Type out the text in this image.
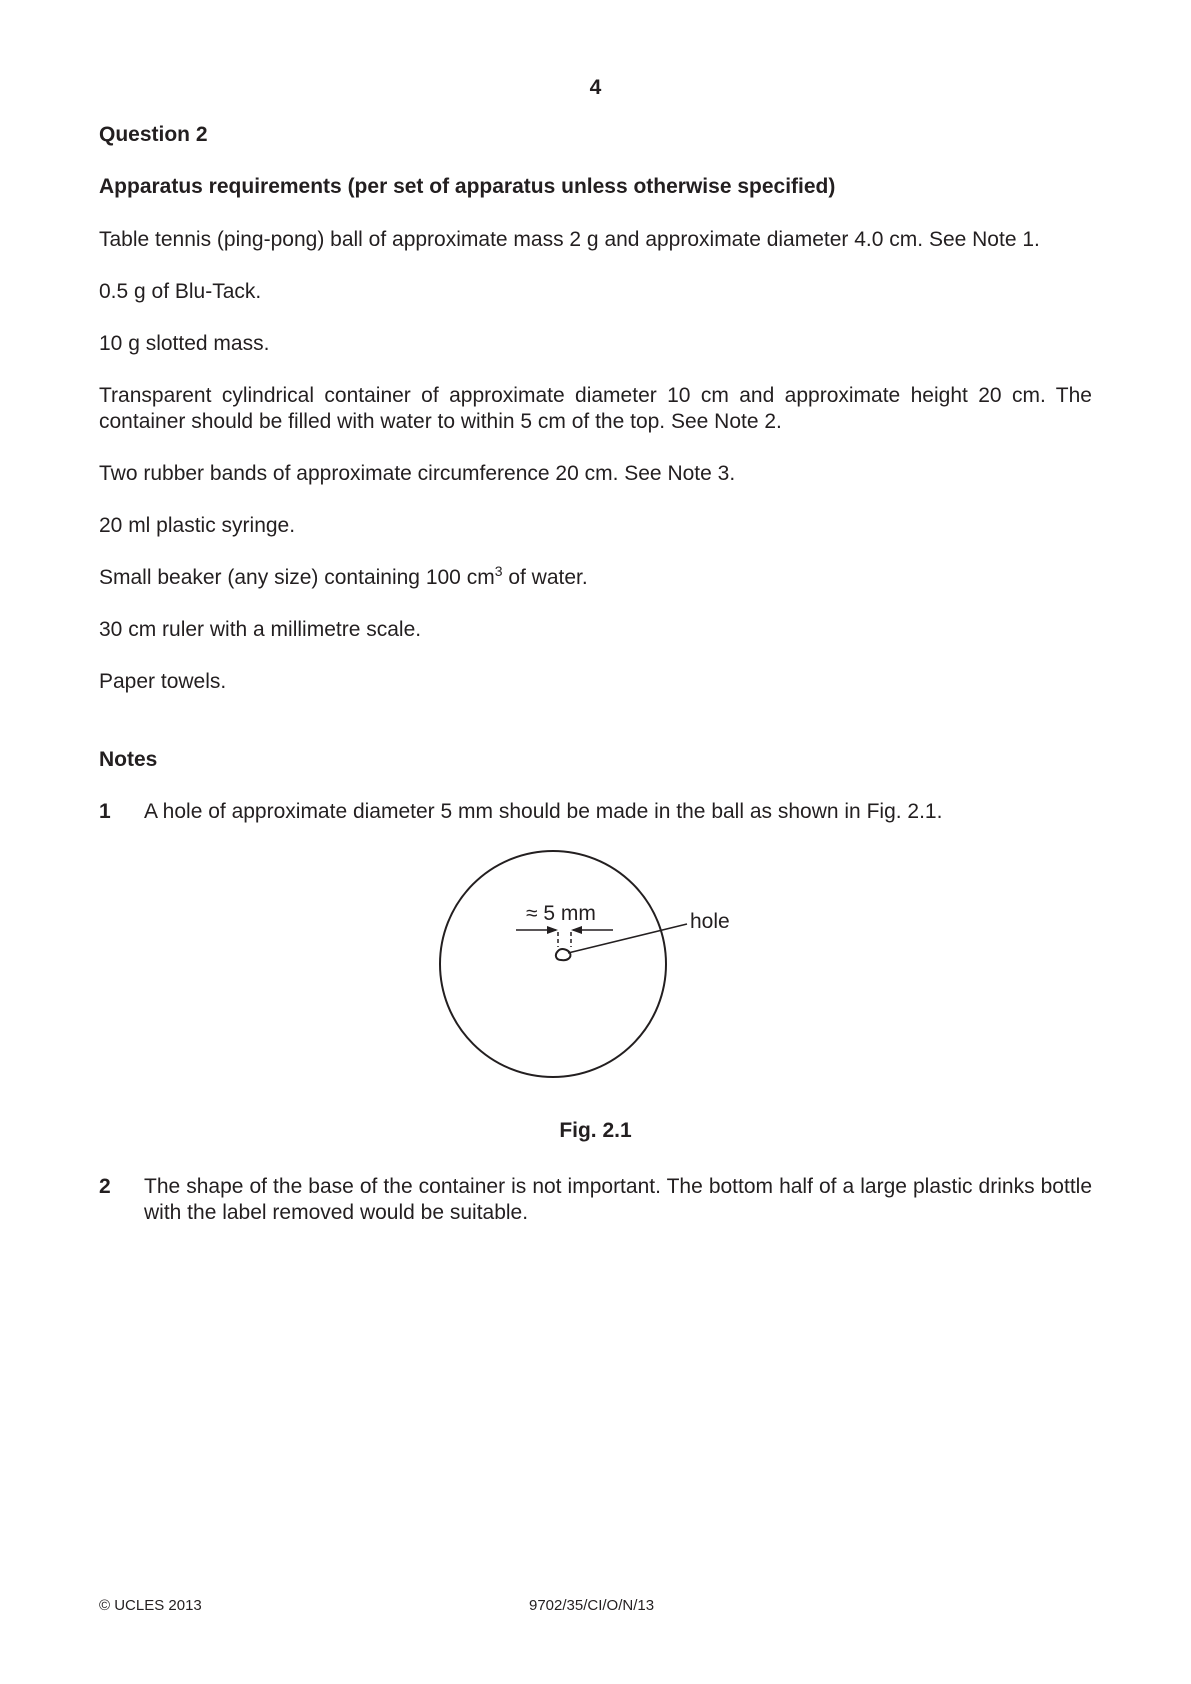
4
Question 2
Apparatus requirements (per set of apparatus unless otherwise specified)
Table tennis (ping-pong) ball of approximate mass 2 g and approximate diameter 4.0 cm. See Note 1.
0.5 g of Blu-Tack.
10 g slotted mass.
Transparent cylindrical container of approximate diameter 10 cm and approximate height 20 cm. The container should be filled with water to within 5 cm of the top. See Note 2.
Two rubber bands of approximate circumference 20 cm. See Note 3.
20 ml plastic syringe.
Small beaker (any size) containing 100 $cm^3$ of water.
30 cm ruler with a millimetre scale.
Paper towels.
Notes
1 A hole of approximate diameter 5 mm should be made in the ball as shown in Fig. 2.1.
≈ 5 mm	hole
Fig. 2.1
2 The shape of the base of the container is not important. The bottom half of a large plastic drinks bottle with the label removed would be suitable.
© UCLES 2013	9702/35/CI/O/N/13
